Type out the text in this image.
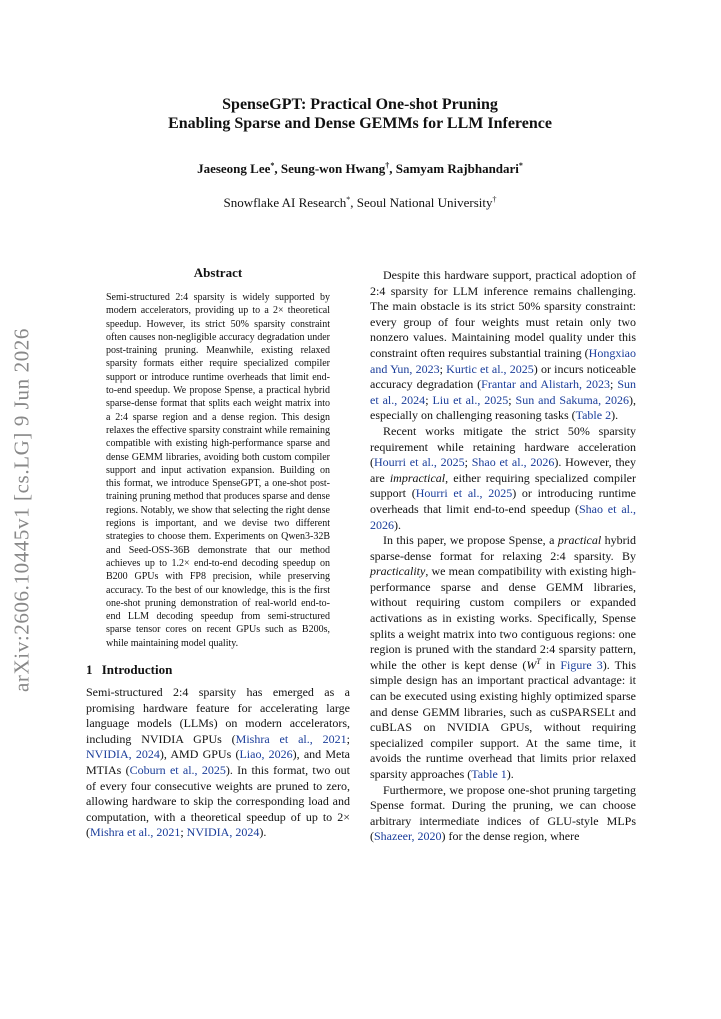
arXiv:2606.10445v1 [cs.LG] 9 Jun 2026
SpenseGPT: Practical One-shot Pruning
Enabling Sparse and Dense GEMMs for LLM Inference
Jaeseong Lee*, Seung-won Hwang†, Samyam Rajbhandari*
Snowflake AI Research*, Seoul National University†
Abstract

Semi-structured 2:4 sparsity is widely supported by modern accelerators, providing up to a 2× theoretical speedup. However, its strict 50% sparsity constraint often causes non-negligible accuracy degradation under post-training pruning. Meanwhile, existing relaxed sparsity formats either require specialized compiler support or introduce runtime overheads that limit end-to-end speedup. We propose Spense, a practical hybrid sparse-dense format that splits each weight matrix into a 2:4 sparse region and a dense region. This design relaxes the effective sparsity constraint while remaining compatible with existing high-performance sparse and dense GEMM libraries, avoiding both custom compiler support and input activation expansion. Building on this format, we introduce SpenseGPT, a one-shot post-training pruning method that produces sparse and dense regions. Notably, we show that selecting the right dense regions is important, and we devise two different strategies to choose them. Experiments on Qwen3-32B and Seed-OSS-36B demonstrate that our method achieves up to 1.2× end-to-end decoding speedup on B200 GPUs with FP8 precision, while preserving accuracy. To the best of our knowledge, this is the first one-shot pruning demonstration of real-world end-to-end LLM decoding speedup from semi-structured sparse tensor cores on recent GPUs such as B200s, while maintaining model quality.

1 Introduction

Semi-structured 2:4 sparsity has emerged as a promising hardware feature for accelerating large language models (LLMs) on modern accelerators, including NVIDIA GPUs (Mishra et al., 2021; NVIDIA, 2024), AMD GPUs (Liao, 2026), and Meta MTIAs (Coburn et al., 2025). In this format, two out of every four consecutive weights are pruned to zero, allowing hardware to skip the corresponding load and computation, with a theoretical speedup of up to 2× (Mishra et al., 2021; NVIDIA, 2024).

Despite this hardware support, practical adoption of 2:4 sparsity for LLM inference remains challenging. The main obstacle is its strict 50% sparsity constraint: every group of four weights must retain only two nonzero values. Maintaining model quality under this constraint often requires substantial training (Hongxiao and Yun, 2023; Kurtic et al., 2025) or incurs noticeable accuracy degradation (Frantar and Alistarh, 2023; Sun et al., 2024; Liu et al., 2025; Sun and Sakuma, 2026), especially on challenging reasoning tasks (Table 2).

Recent works mitigate the strict 50% sparsity requirement while retaining hardware acceleration (Hourri et al., 2025; Shao et al., 2026). However, they are impractical, either requiring specialized compiler support (Hourri et al., 2025) or introducing runtime overheads that limit end-to-end speedup (Shao et al., 2026).

In this paper, we propose Spense, a practical hybrid sparse-dense format for relaxing 2:4 sparsity. By practicality, we mean compatibility with existing high-performance sparse and dense GEMM libraries, without requiring custom compilers or expanded activations as in existing works. Specifically, Spense splits a weight matrix into two contiguous regions: one region is pruned with the standard 2:4 sparsity pattern, while the other is kept dense ($W^T$ in Figure 3). This simple design has an important practical advantage: it can be executed using existing highly optimized sparse and dense GEMM libraries, such as cuSPARSELt and cuBLAS on NVIDIA GPUs, without requiring specialized compiler support. At the same time, it avoids the runtime overhead that limits prior relaxed sparsity approaches (Table 1).

Furthermore, we propose one-shot pruning targeting Spense format. During the pruning, we can choose arbitrary intermediate indices of GLU-style MLPs (Shazeer, 2020) for the dense region, where
